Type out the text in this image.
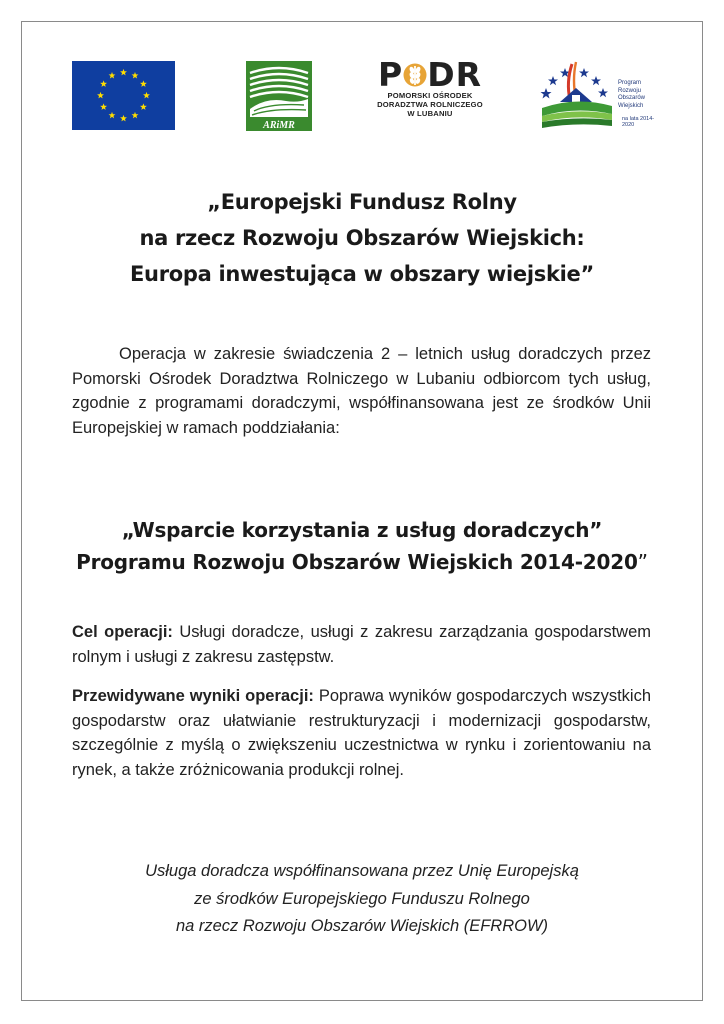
ARiMR
P DR
POMORSKI OŚRODEK
DORADZTWA ROLNICZEGO
W LUBANIU
Program
Rozwoju
Obszarów
Wiejskich
na lata 2014-2020
„Europejski Fundusz Rolny
na rzecz Rozwoju Obszarów Wiejskich:
Europa inwestująca w obszary wiejskie”
Operacja w zakresie świadczenia 2 – letnich usług doradczych przez Pomorski Ośrodek Doradztwa Rolniczego w Lubaniu odbiorcom tych usług, zgodnie z programami doradczymi, współfinansowana jest ze środków Unii Europejskiej w ramach poddziałania:
„Wsparcie korzystania z usług doradczych”
Programu Rozwoju Obszarów Wiejskich 2014-2020”
Cel operacji: Usługi doradcze, usługi z zakresu zarządzania gospodarstwem rolnym i usługi z zakresu zastępstw.
Przewidywane wyniki operacji: Poprawa wyników gospodarczych wszystkich gospodarstw oraz ułatwianie restrukturyzacji i modernizacji gospodarstw, szczególnie z myślą o zwiększeniu uczestnictwa w rynku i zorientowaniu na rynek, a także zróżnicowania produkcji rolnej.
Usługa doradcza współfinansowana przez Unię Europejską
ze środków Europejskiego Funduszu Rolnego
na rzecz Rozwoju Obszarów Wiejskich (EFRROW)
